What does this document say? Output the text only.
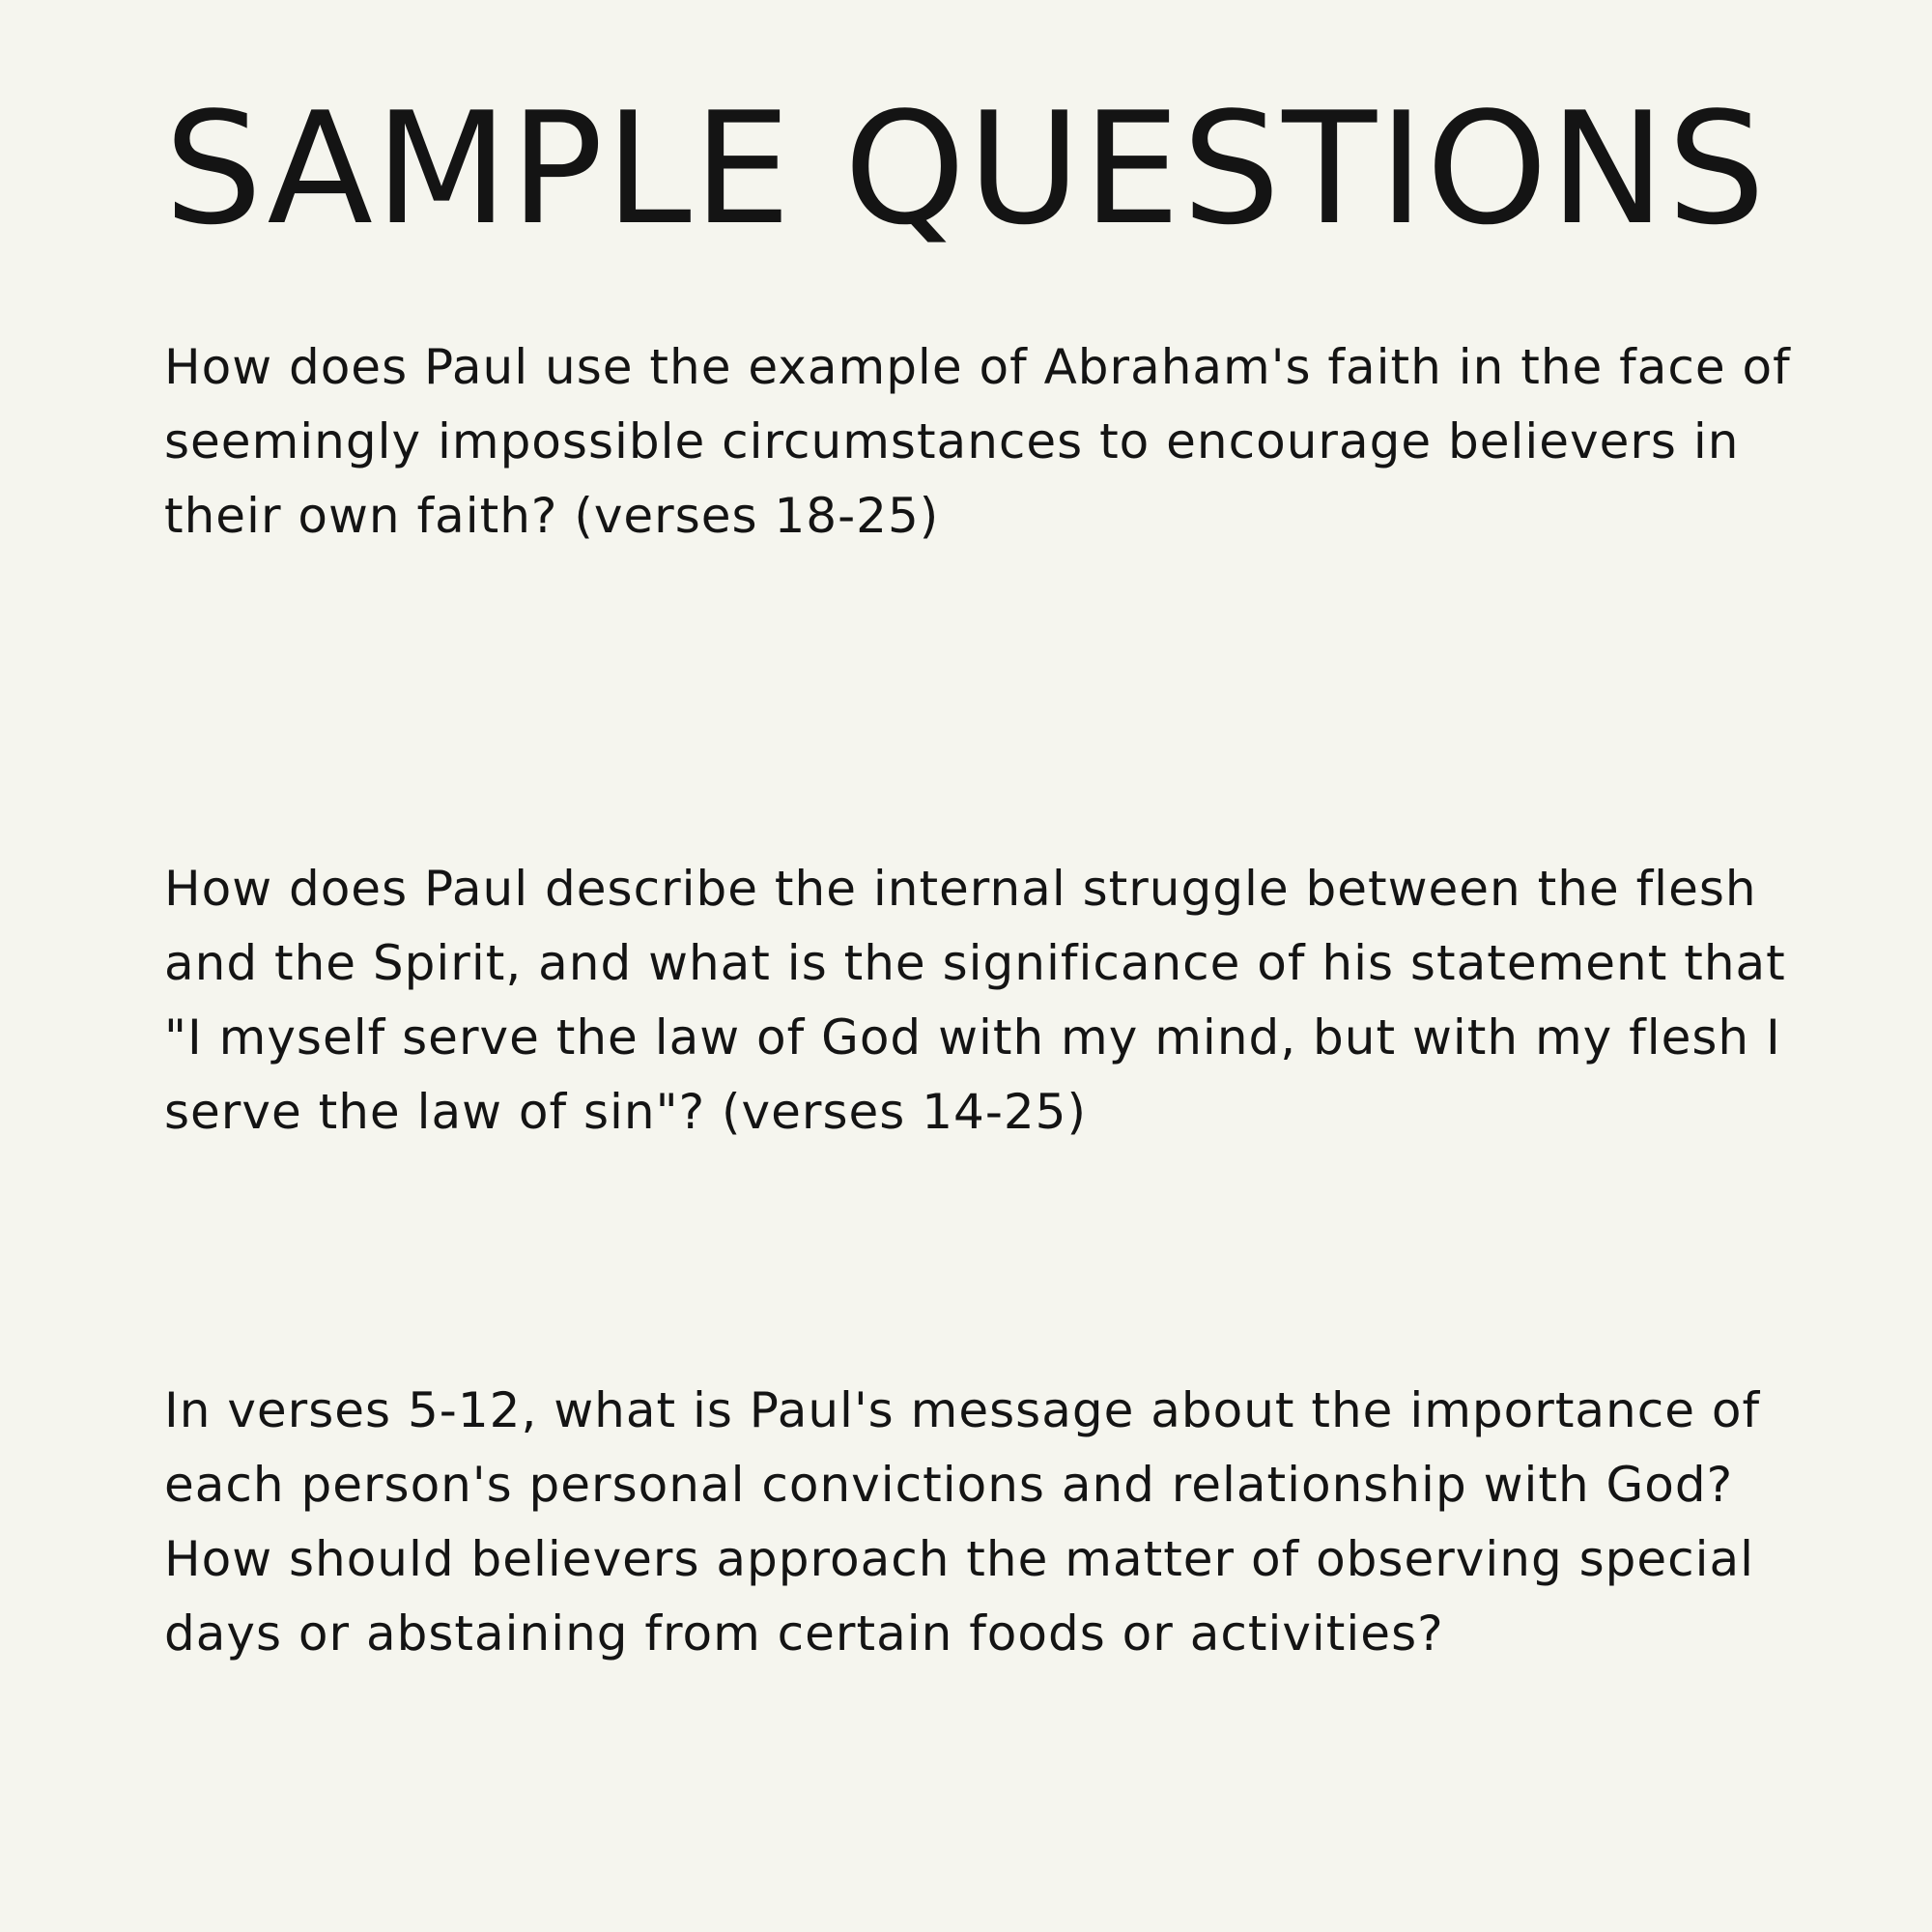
SAMPLE QUESTIONS

How does Paul use the example of Abraham's faith in the face of seemingly impossible circumstances to encourage believers in their own faith? (verses 18-25)

How does Paul describe the internal struggle between the flesh and the Spirit, and what is the significance of his statement that "I myself serve the law of God with my mind, but with my flesh I serve the law of sin"? (verses 14-25)

In verses 5-12, what is Paul's message about the importance of each person's personal convictions and relationship with God? How should believers approach the matter of observing special days or abstaining from certain foods or activities?
